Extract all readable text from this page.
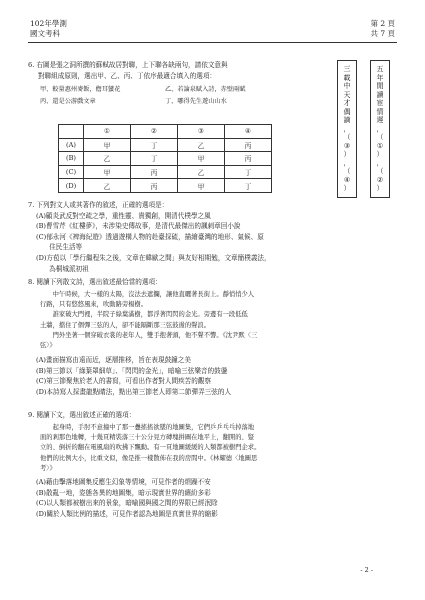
102年學測
國文考科
第 2 頁
共 7 頁
6. 右圖是張之洞所撰的蘇軾故居對聯，上下聯各缺兩句，請依文意與
對聯組成原則，選出甲、乙、丙、丁依序最適合填入的選項：
甲、較量惠州麥飯，儋耳蠻花	乙、若論泉賦入詩，赤壁兩賦
丙、還是公游戲文章	丁、哪得先生遊山山水
	①	②	③	④
(A)	甲	丁	乙	丙
(B)	乙	丁	甲	丙
(C)	甲	丙	乙	丁
(D)	乙	丙	甲	丁
三
載
中
天
才
偶
謫
，
（
③
）
，
（
④
）
五
年
閒
讀
宦
情
遲
，
（
①
）
，
（
②
）
7. 下列對文人或其著作的敘述，正確的選項是：
(A)顧炎武反對空疏之學，重性靈、貴獨創，開清代樸學之風
(B)曹雪芹《紅樓夢》，未涉染史傳故事，是清代最傑出的諷刺章回小說
(C)郁永河《裨海紀遊》透過遊構人物的赴臺採硫，描繪臺灣的地形、氣候、原
　　住民生活等
(D)方苞以「學行繼程朱之後，文章在韓歐之間」與友好相期勉，文章簡樸義法，
　　為桐城派初祖
8. 閱讀下列散文詩，選出敘述最恰當的選項：
　　中午時候，大一樣的太陽，沒法去遮攔，讓他直曬著長街上。靜悄悄少人
行路，只有悠悠風來，吹動路旁楊樹。
　　誰家破大門裡，半院子綠葉滿樹，都浮著閃閃的金光。旁邊有一段低低
土牆，擋住了個彈三弦的人，卻不能隔斷那三弦鼓盪的聲浪。
　　門外坐著一個穿破衣裳的老年人，雙手抱著頭，他不聲不響。《沈尹默〈三
弦〉》
(A)畫面描寫由遠而近，逐層推移，旨在表現鼓鐘之美
(B)第三節以「綠葉罩細草」、「閃閃的金光」，暗喻三弦樂音的鼓盪
(C)第三節聚焦於老人的書寫，可看出作者對人間疾苦的觀察
(D)本詩寫人採畫龍點睛法，點出第三節老人即第二節彈弄三弦的人
9. 閱讀下文，選出敘述正確的選項：
　　起身時，手肘不意撞中了那一疊搖搖欲墜的地圖集，它們乒乒乓乓掉落地
面的剎那色地轉，十幾頁精裝落三十公分見方磚塊拼圖在地平上，翻開的、豎
立的、倒折的翻在電風扇的吹拂下飄動。有一頁地圖緩緩的人類都被樹門企求。
他們的比例大小，比重文似，像是推一樣散佈在我的房間中。《林耀德〈地圖思
考〉》
(A)藉由擊落地圖集反應生幻象等情境，可見作者的煩躁不安
(B)散亂一地，姿態各異的地圖集，暗示現實世界的繽紛多彩
(C)以人類都被樹出來的景象，暗喻國與國之間的界限已經泯除
(D)關於人類比例的描述，可見作者認為地圖是真實世界的縮影
- 2 -
